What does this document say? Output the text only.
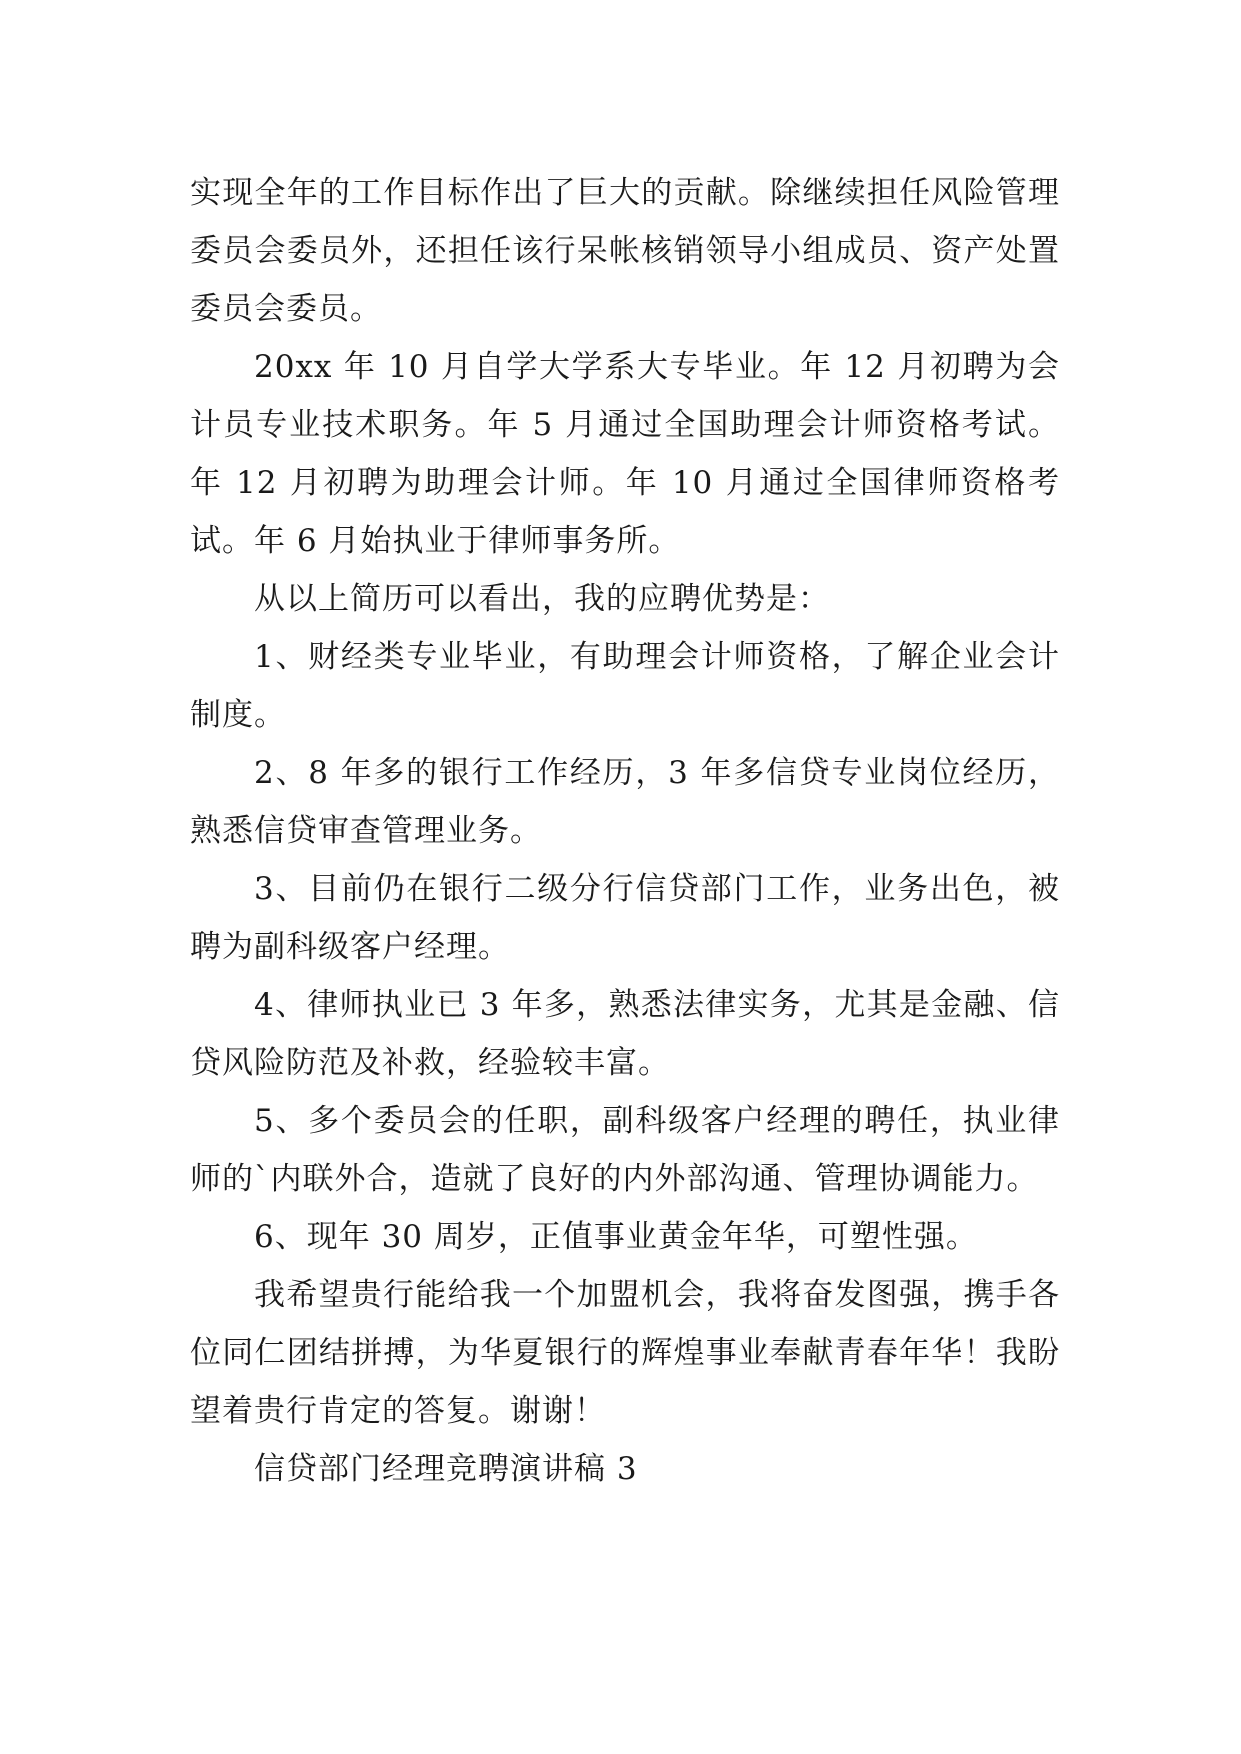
实现全年的工作目标作出了巨大的贡献。除继续担任风险管理委员会委员外，还担任该行呆帐核销领导小组成员、资产处置委员会委员。

20xx 年 10 月自学大学系大专毕业。年 12 月初聘为会计员专业技术职务。年 5 月通过全国助理会计师资格考试。年 12 月初聘为助理会计师。年 10 月通过全国律师资格考试。年 6 月始执业于律师事务所。

从以上简历可以看出，我的应聘优势是：

1、财经类专业毕业，有助理会计师资格，了解企业会计制度。

2、8 年多的银行工作经历，3 年多信贷专业岗位经历，熟悉信贷审查管理业务。

3、目前仍在银行二级分行信贷部门工作，业务出色，被聘为副科级客户经理。

4、律师执业已 3 年多，熟悉法律实务，尤其是金融、信贷风险防范及补救，经验较丰富。

5、多个委员会的任职，副科级客户经理的聘任，执业律师的`内联外合，造就了良好的内外部沟通、管理协调能力。

6、现年 30 周岁，正值事业黄金年华，可塑性强。

我希望贵行能给我一个加盟机会，我将奋发图强，携手各位同仁团结拼搏，为华夏银行的辉煌事业奉献青春年华！我盼望着贵行肯定的答复。谢谢！

信贷部门经理竞聘演讲稿 3
